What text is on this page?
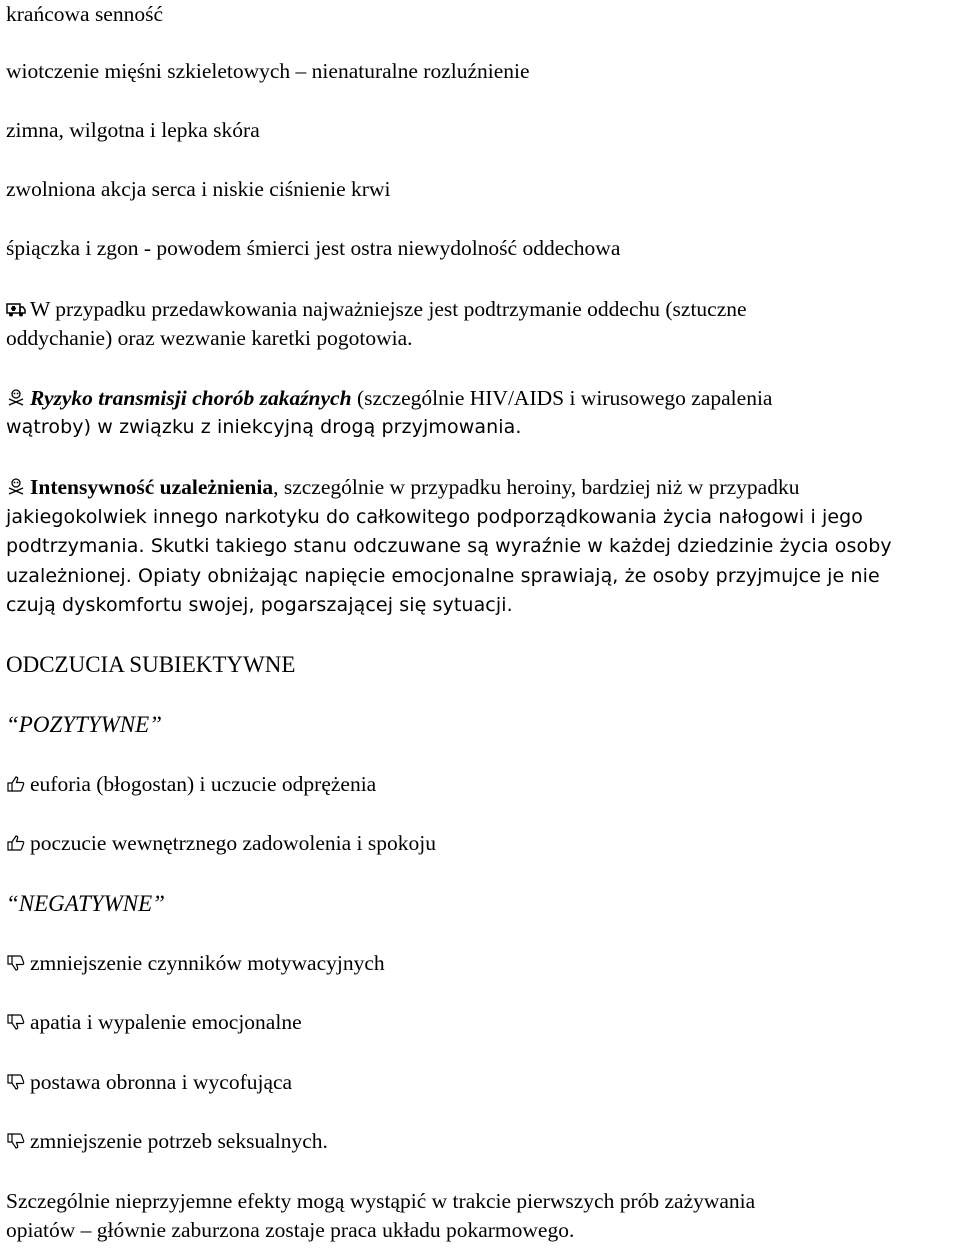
krańcowa senność
wiotczenie mięśni szkieletowych – nienaturalne rozluźnienie
zimna, wilgotna i lepka skóra
zwolniona akcja serca i niskie ciśnienie krwi
śpiączka i zgon - powodem śmierci jest ostra niewydolność oddechowa
W przypadku przedawkowania najważniejsze jest podtrzymanie oddechu (sztuczne
oddychanie) oraz wezwanie karetki pogotowia.
Ryzyko transmisji chorób zakaźnych (szczególnie HIV/AIDS i wirusowego zapalenia
wątroby) w związku z iniekcyjną drogą przyjmowania.
Intensywność uzależnienia, szczególnie w przypadku heroiny, bardziej niż w przypadku
jakiegokolwiek innego narkotyku do całkowitego podporządkowania życia nałogowi i jego
podtrzymania. Skutki takiego stanu odczuwane są wyraźnie w każdej dziedzinie życia osoby
uzależnionej. Opiaty obniżając napięcie emocjonalne sprawiają, że osoby przyjmujce je nie
czują dyskomfortu swojej, pogarszającej się sytuacji.
ODCZUCIA SUBIEKTYWNE
“POZYTYWNE”
euforia (błogostan) i uczucie odprężenia
poczucie wewnętrznego zadowolenia i spokoju
“NEGATYWNE”
zmniejszenie czynników motywacyjnych
apatia i wypalenie emocjonalne
postawa obronna i wycofująca
zmniejszenie potrzeb seksualnych.
Szczególnie nieprzyjemne efekty mogą wystąpić w trakcie pierwszych prób zażywania
opiatów – głównie zaburzona zostaje praca układu pokarmowego.
